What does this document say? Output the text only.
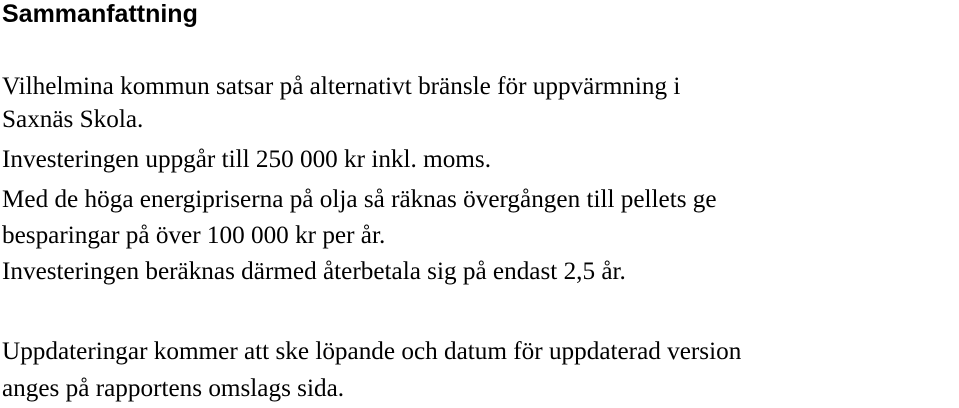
Sammanfattning

Vilhelmina kommun satsar på alternativt bränsle för uppvärmning i

Saxnäs Skola.

Investeringen uppgår till 250 000 kr inkl. moms.

Med de höga energipriserna på olja så räknas övergången till pellets ge

besparingar på över 100 000 kr per år.

Investeringen beräknas därmed återbetala sig på endast 2,5 år.

Uppdateringar kommer att ske löpande och datum för uppdaterad version

anges på rapportens omslags sida.
